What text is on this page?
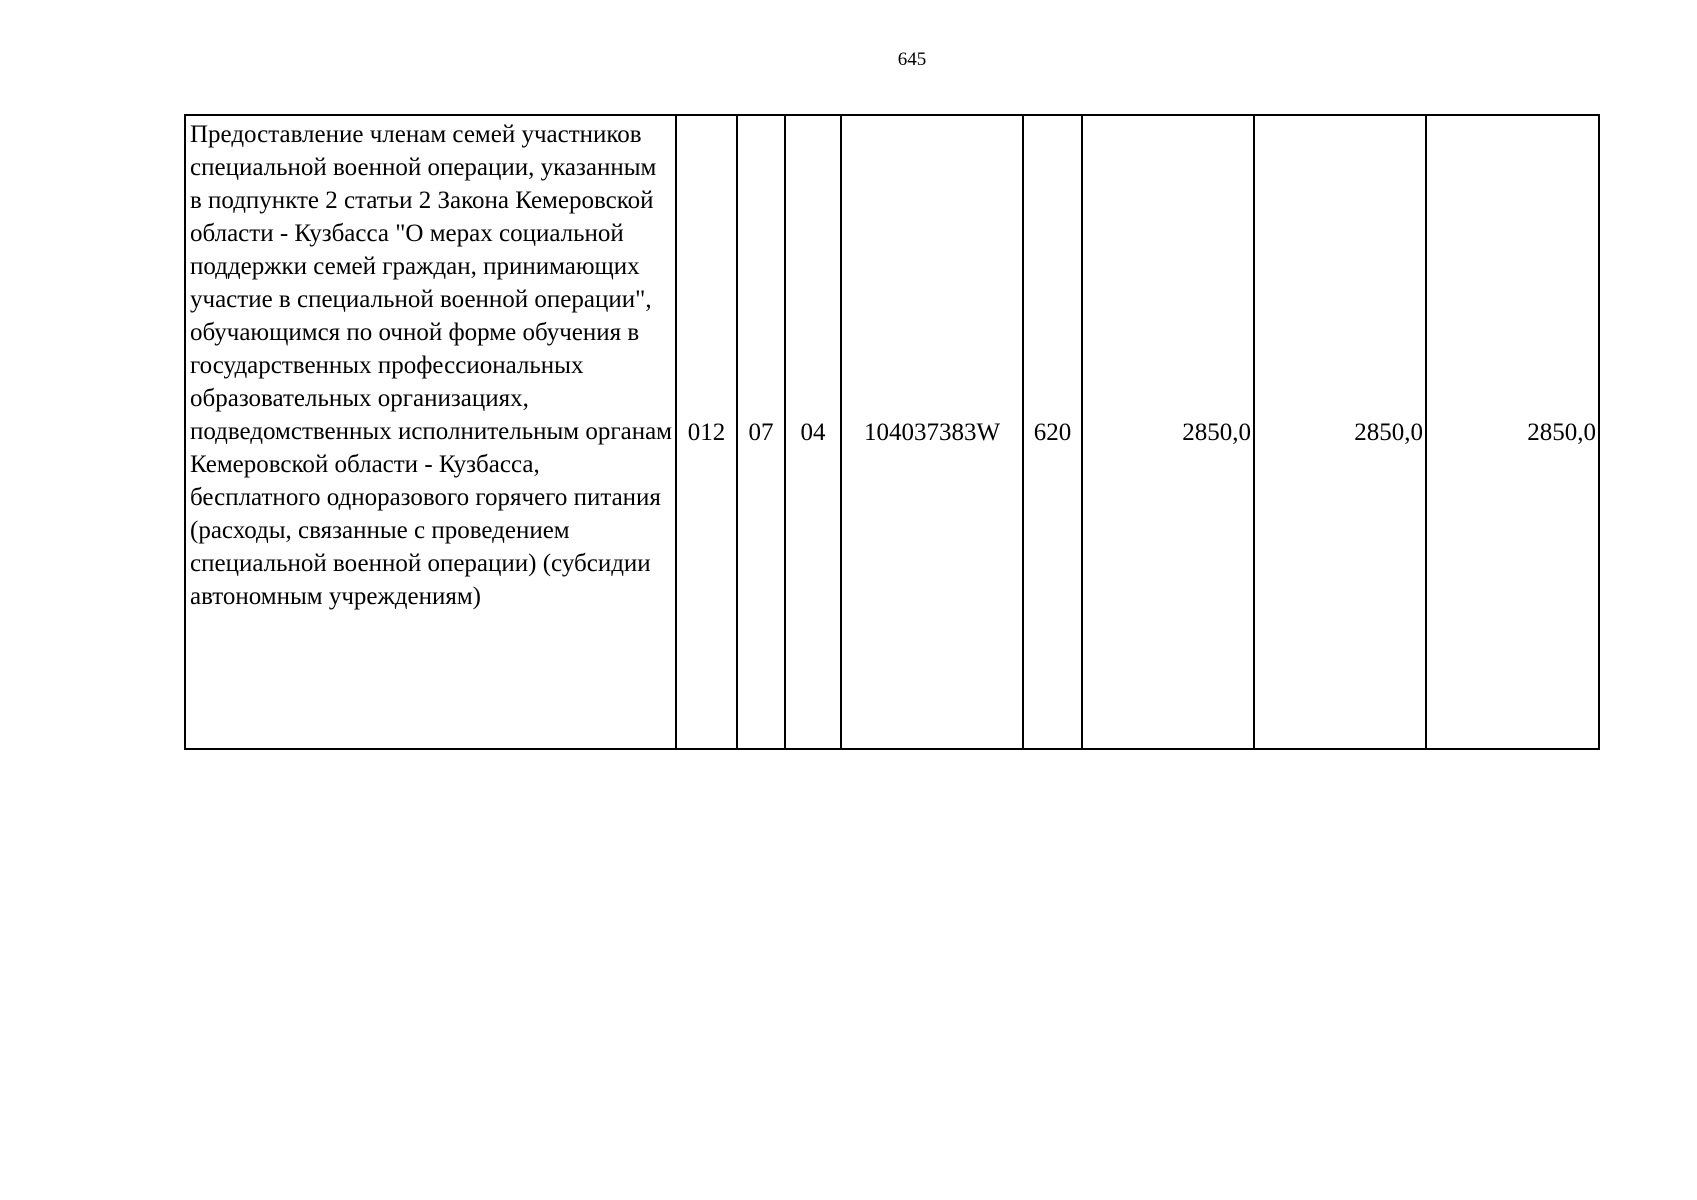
645
Предоставление членам семей участников специальной военной операции, указанным в подпункте 2 статьи 2 Закона Кемеровской области - Кузбасса "О мерах социальной поддержки семей граждан, принимающих участие в специальной военной операции", обучающимся по очной форме обучения в государственных профессиональных образовательных организациях, подведомственных исполнительным органам Кемеровской области - Кузбасса, бесплатного одноразового горячего питания (расходы, связанные с проведением специальной военной операции) (субсидии автономным учреждениям)	012	07	04	104037383W	620	2850,0	2850,0	2850,0
